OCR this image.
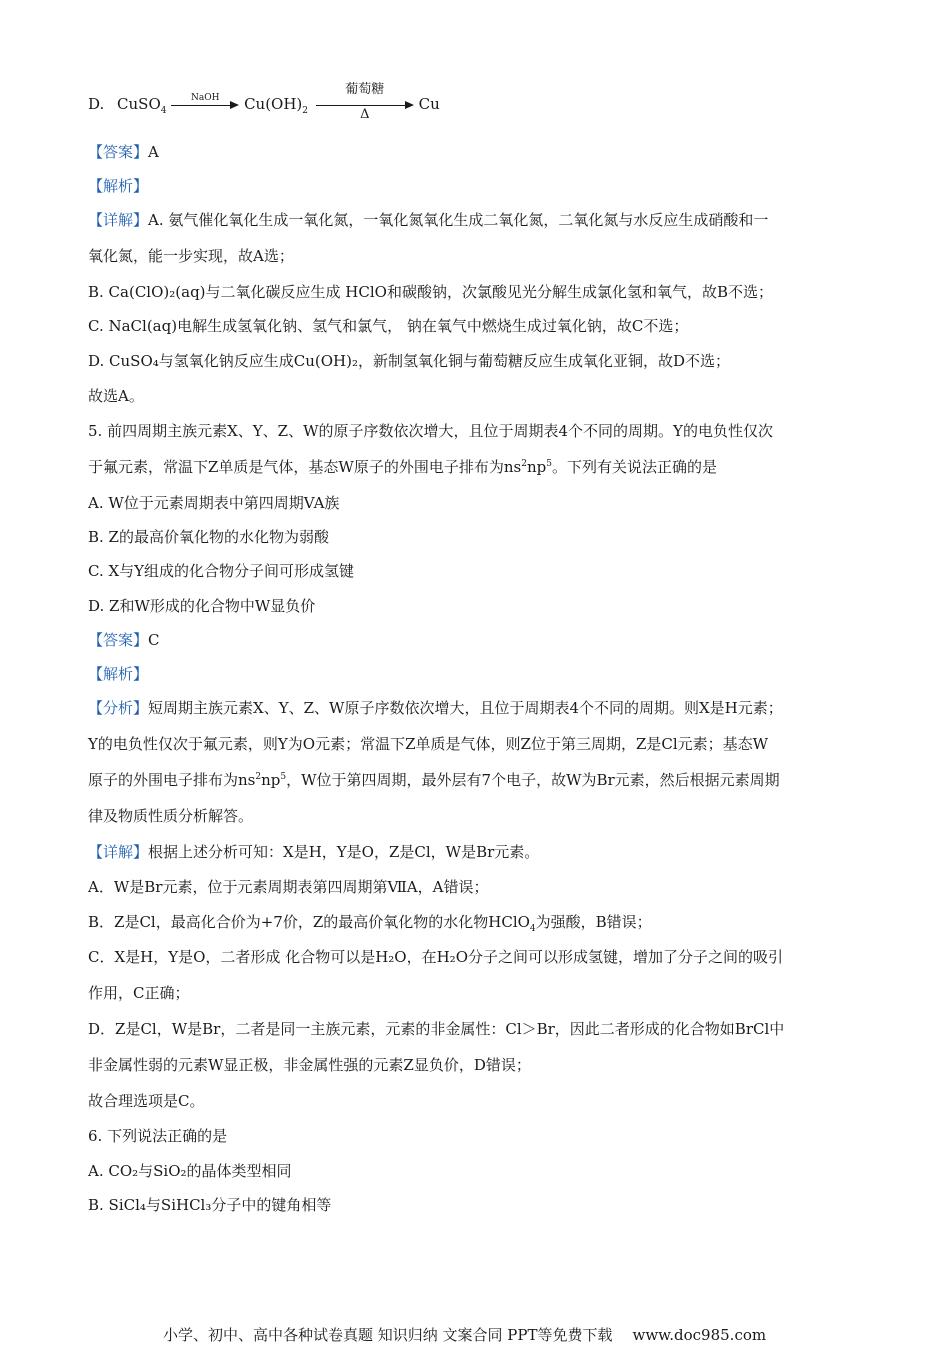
D. CuSO$_4$
NaOH	$Cu(OH)_2$
葡萄糖
Δ
Cu
【答案】A
【解析】
【详解】A. 氨气催化氧化生成一氧化氮，一氧化氮氧化生成二氧化氮，二氧化氮与水反应生成硝酸和一
氧化氮，能一步实现，故A选；
B. Ca(ClO)₂(aq)与二氧化碳反应生成 HClO和碳酸钠，次氯酸见光分解生成氯化氢和氧气，故B不选；
C. NaCl(aq)电解生成氢氧化钠、氢气和氯气， 钠在氧气中燃烧生成过氧化钠，故C不选；
D. CuSO₄与氢氧化钠反应生成Cu(OH)₂，新制氢氧化铜与葡萄糖反应生成氧化亚铜，故D不选；
故选A。
5. 前四周期主族元素X、Y、Z、W的原子序数依次增大，且位于周期表4个不同的周期。Y的电负性仅次
于氟元素，常温下Z单质是气体，基态W原子的外围电子排布为$ns^2np^5$。下列有关说法正确的是
A. W位于元素周期表中第四周期VA族
B. Z的最高价氧化物的水化物为弱酸
C. X与Y组成的化合物分子间可形成氢键
D. Z和W形成的化合物中W显负价
【答案】C
【解析】
【分析】短周期主族元素X、Y、Z、W原子序数依次增大，且位于周期表4个不同的周期。则X是H元素；
Y的电负性仅次于氟元素，则Y为O元素；常温下Z单质是气体，则Z位于第三周期，Z是Cl元素；基态W
原子的外围电子排布为$ns^2np^5$，W位于第四周期，最外层有7个电子，故W为Br元素，然后根据元素周期
律及物质性质分析解答。
【详解】根据上述分析可知：X是H，Y是O，Z是Cl，W是Br元素。
A．W是Br元素，位于元素周期表第四周期第ⅦA，A错误；
B．Z是Cl，最高化合价为+7价，Z的最高价氧化物的水化物HClO$_4$为强酸，B错误；
C．X是H，Y是O，二者形成 化合物可以是H₂O，在H₂O分子之间可以形成氢键，增加了分子之间的吸引
作用，C正确；
D．Z是Cl，W是Br，二者是同一主族元素，元素的非金属性：Cl＞Br，因此二者形成的化合物如BrCl中
非金属性弱的元素W显正极，非金属性强的元素Z显负价，D错误；
故合理选项是C。
6. 下列说法正确的是
A. CO₂与SiO₂的晶体类型相同
B. SiCl₄与SiHCl₃分子中的键角相等
小学、初中、高中各种试卷真题 知识归纳 文案合同 PPT等免费下载 www.doc985.com
